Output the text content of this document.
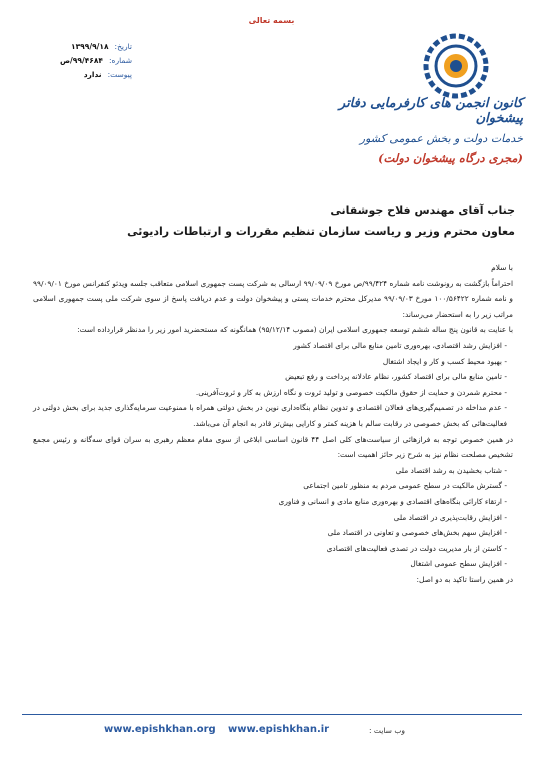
بسمه تعالی
تاریخ:
۱۳۹۹/۹/۱۸
شماره:
۹۹/۴۶۸۴/ص
پیوست:
ندارد
کانون انجمن های کارفرمایی دفاتر پیشخوان
خدمات دولت و بخش عمومی کشور
(مجری درگاه پیشخوان دولت)
جناب آقای مهندس فلاح جوشقانی
معاون محترم وزیر و ریاست سازمان تنظیم مقررات و ارتباطات رادیوئی

با سلام

احتراماً بازگشت به رونوشت نامه شماره ۹۹/۴۲۴/ص مورخ ۹۹/۰۹/۰۹ ارسالی به شرکت پست جمهوری اسلامی متعاقب جلسه ویدئو کنفرانس مورخ ۹۹/۰۹/۰۱ و نامه شماره ۱۰۰/۵۶۴۲۲ مورخ ۹۹/۰۹/۰۳ مدیرکل محترم خدمات پستی و پیشخوان دولت و عدم دریافت پاسخ از سوی شرکت ملی پست جمهوری اسلامی مراتب زیر را به استحضار می‌رساند:

با عنایت به قانون پنج ساله ششم توسعه جمهوری اسلامی ایران (مصوب ۹۵/۱۲/۱۴) همانگونه که مستحضرید امور زیر را مدنظر قرارداده است:

- افزایش رشد اقتصادی، بهره‌وری تامین منابع مالی برای اقتصاد کشور
- بهبود محیط کسب و کار و ایجاد اشتغال
- تامین منابع مالی برای اقتصاد کشور، نظام عادلانه پرداخت و رفع تبعیض
- محترم شمردن و حمایت از حقوق مالکیت خصوصی و تولید ثروت و نگاه ارزش به کار و ثروت‌آفرینی.
- عدم مداخله در تصمیم‌گیری‌های فعالان اقتصادی و تدوین نظام بنگاه‌داری نوین در بخش دولتی همراه با ممنوعیت سرمایه‌گذاری جدید برای بخش دولتی در فعالیت‌هائی که بخش خصوصی در رقابت سالم با هزینه کمتر و کارایی بیش‌تر قادر به انجام آن می‌باشد.

در همین خصوص توجه به فرازهائی از سیاست‌های کلی اصل ۴۴ قانون اساسی ابلاغی از سوی مقام معظم رهبری به سران قوای سه‌گانه و رئیس مجمع تشخیص مصلحت نظام نیز به شرح زیر حائز اهمیت است:

- شتاب بخشیدن به رشد اقتصاد ملی
- گسترش مالکیت در سطح عمومی مردم به منظور تامین اجتماعی
- ارتقاء کارائی بنگاه‌های اقتصادی و بهره‌وری منابع مادی و انسانی و فناوری
- افزایش رقابت‌پذیری در اقتصاد ملی
- افزایش سهم بخش‌های خصوصی و تعاونی در اقتصاد ملی
- کاستن از بار مدیریت دولت در تصدی فعالیت‌های اقتصادی
- افزایش سطح عمومی اشتغال

در همین راستا تاکید به دو اصل:

وب سایت :
www.epishkhan.ir
www.epishkhan.org
